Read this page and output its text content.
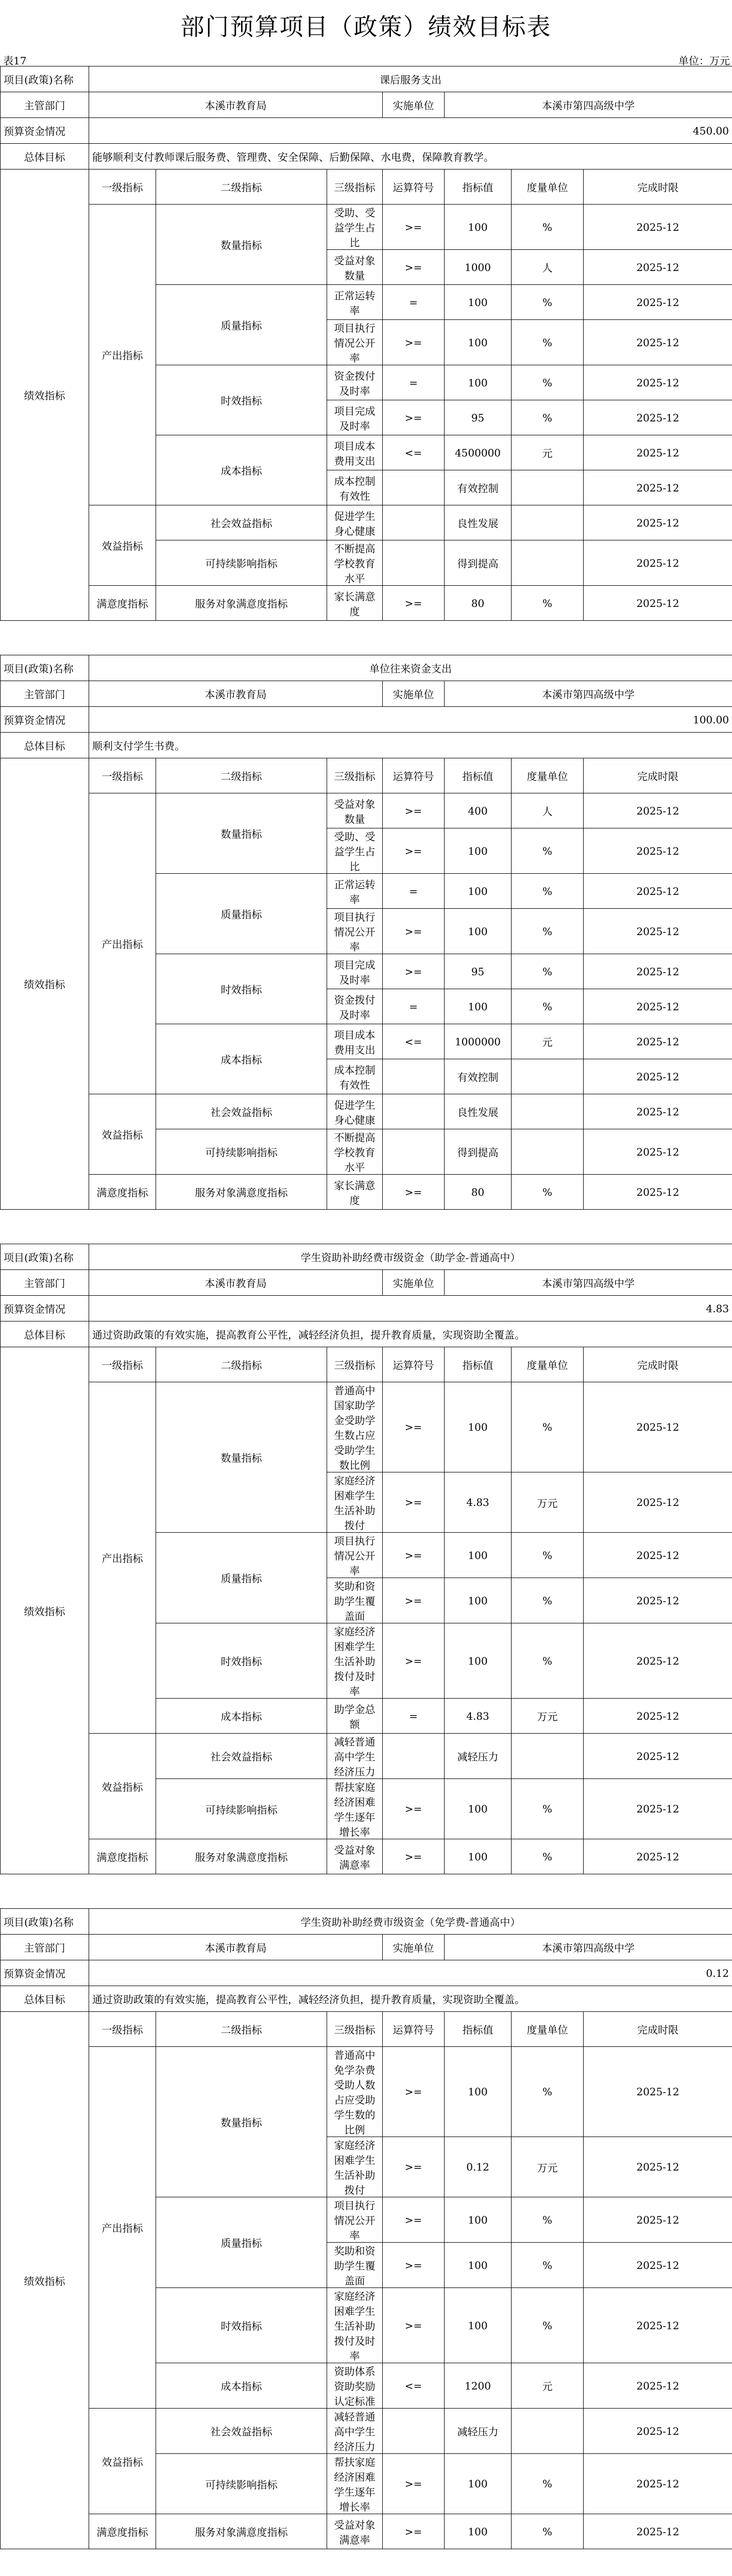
部门预算项目（政策）绩效目标表
表17	单位：万元
项目(政策)名称	课后服务支出						
主管部门	本溪市教育局			实施单位	本溪市第四高级中学		
预算资金情况	450.00						
总体目标	能够顺利支付教师课后服务费、管理费、安全保障、后勤保障、水电费，保障教育教学。						
绩效指标	一级指标	二级指标	三级指标	运算符号	指标值	度量单位	完成时限
	产出指标	数量指标	受助、受益学生占比	>=	100	%	2025-12
			受益对象数量	>=	1000	人	2025-12
		质量指标	正常运转率	=	100	%	2025-12
			项目执行情况公开率	>=	100	%	2025-12
		时效指标	资金拨付及时率	=	100	%	2025-12
			项目完成及时率	>=	95	%	2025-12
		成本指标	项目成本费用支出	<=	4500000	元	2025-12
			成本控制有效性		有效控制		2025-12
	效益指标	社会效益指标	促进学生身心健康		良性发展		2025-12
		可持续影响指标	不断提高学校教育水平		得到提高		2025-12
	满意度指标	服务对象满意度指标	家长满意度	>=	80	%	2025-12
项目(政策)名称	单位往来资金支出						
主管部门	本溪市教育局			实施单位	本溪市第四高级中学		
预算资金情况	100.00						
总体目标	顺利支付学生书费。						
绩效指标	一级指标	二级指标	三级指标	运算符号	指标值	度量单位	完成时限
	产出指标	数量指标	受益对象数量	>=	400	人	2025-12
			受助、受益学生占比	>=	100	%	2025-12
		质量指标	正常运转率	=	100	%	2025-12
			项目执行情况公开率	>=	100	%	2025-12
		时效指标	项目完成及时率	>=	95	%	2025-12
			资金拨付及时率	=	100	%	2025-12
		成本指标	项目成本费用支出	<=	1000000	元	2025-12
			成本控制有效性		有效控制		2025-12
	效益指标	社会效益指标	促进学生身心健康		良性发展		2025-12
		可持续影响指标	不断提高学校教育水平		得到提高		2025-12
	满意度指标	服务对象满意度指标	家长满意度	>=	80	%	2025-12
项目(政策)名称	学生资助补助经费市级资金（助学金-普通高中）						
主管部门	本溪市教育局			实施单位	本溪市第四高级中学		
预算资金情况	4.83						
总体目标	通过资助政策的有效实施，提高教育公平性，减轻经济负担，提升教育质量，实现资助全覆盖。						
绩效指标	一级指标	二级指标	三级指标	运算符号	指标值	度量单位	完成时限
	产出指标	数量指标	普通高中国家助学金受助学生数占应受助学生数比例	>=	100	%	2025-12
			家庭经济困难学生生活补助拨付	>=	4.83	万元	2025-12
		质量指标	项目执行情况公开率	>=	100	%	2025-12
			奖助和资助学生覆盖面	>=	100	%	2025-12
		时效指标	家庭经济困难学生生活补助拨付及时率	>=	100	%	2025-12
		成本指标	助学金总额	=	4.83	万元	2025-12
	效益指标	社会效益指标	减轻普通高中学生经济压力		减轻压力		2025-12
		可持续影响指标	帮扶家庭经济困难学生逐年增长率	>=	100	%	2025-12
	满意度指标	服务对象满意度指标	受益对象满意率	>=	100	%	2025-12
项目(政策)名称	学生资助补助经费市级资金（免学费-普通高中）						
主管部门	本溪市教育局			实施单位	本溪市第四高级中学		
预算资金情况	0.12						
总体目标	通过资助政策的有效实施，提高教育公平性，减轻经济负担，提升教育质量，实现资助全覆盖。						
绩效指标	一级指标	二级指标	三级指标	运算符号	指标值	度量单位	完成时限
	产出指标	数量指标	普通高中免学杂费受助人数占应受助学生数的比例	>=	100	%	2025-12
			家庭经济困难学生生活补助拨付	>=	0.12	万元	2025-12
		质量指标	项目执行情况公开率	>=	100	%	2025-12
			奖助和资助学生覆盖面	>=	100	%	2025-12
		时效指标	家庭经济困难学生生活补助拨付及时率	>=	100	%	2025-12
		成本指标	资助体系资助奖励认定标准	<=	1200	元	2025-12
	效益指标	社会效益指标	减轻普通高中学生经济压力		减轻压力		2025-12
		可持续影响指标	帮扶家庭经济困难学生逐年增长率	>=	100	%	2025-12
	满意度指标	服务对象满意度指标	受益对象满意率	>=	100	%	2025-12
